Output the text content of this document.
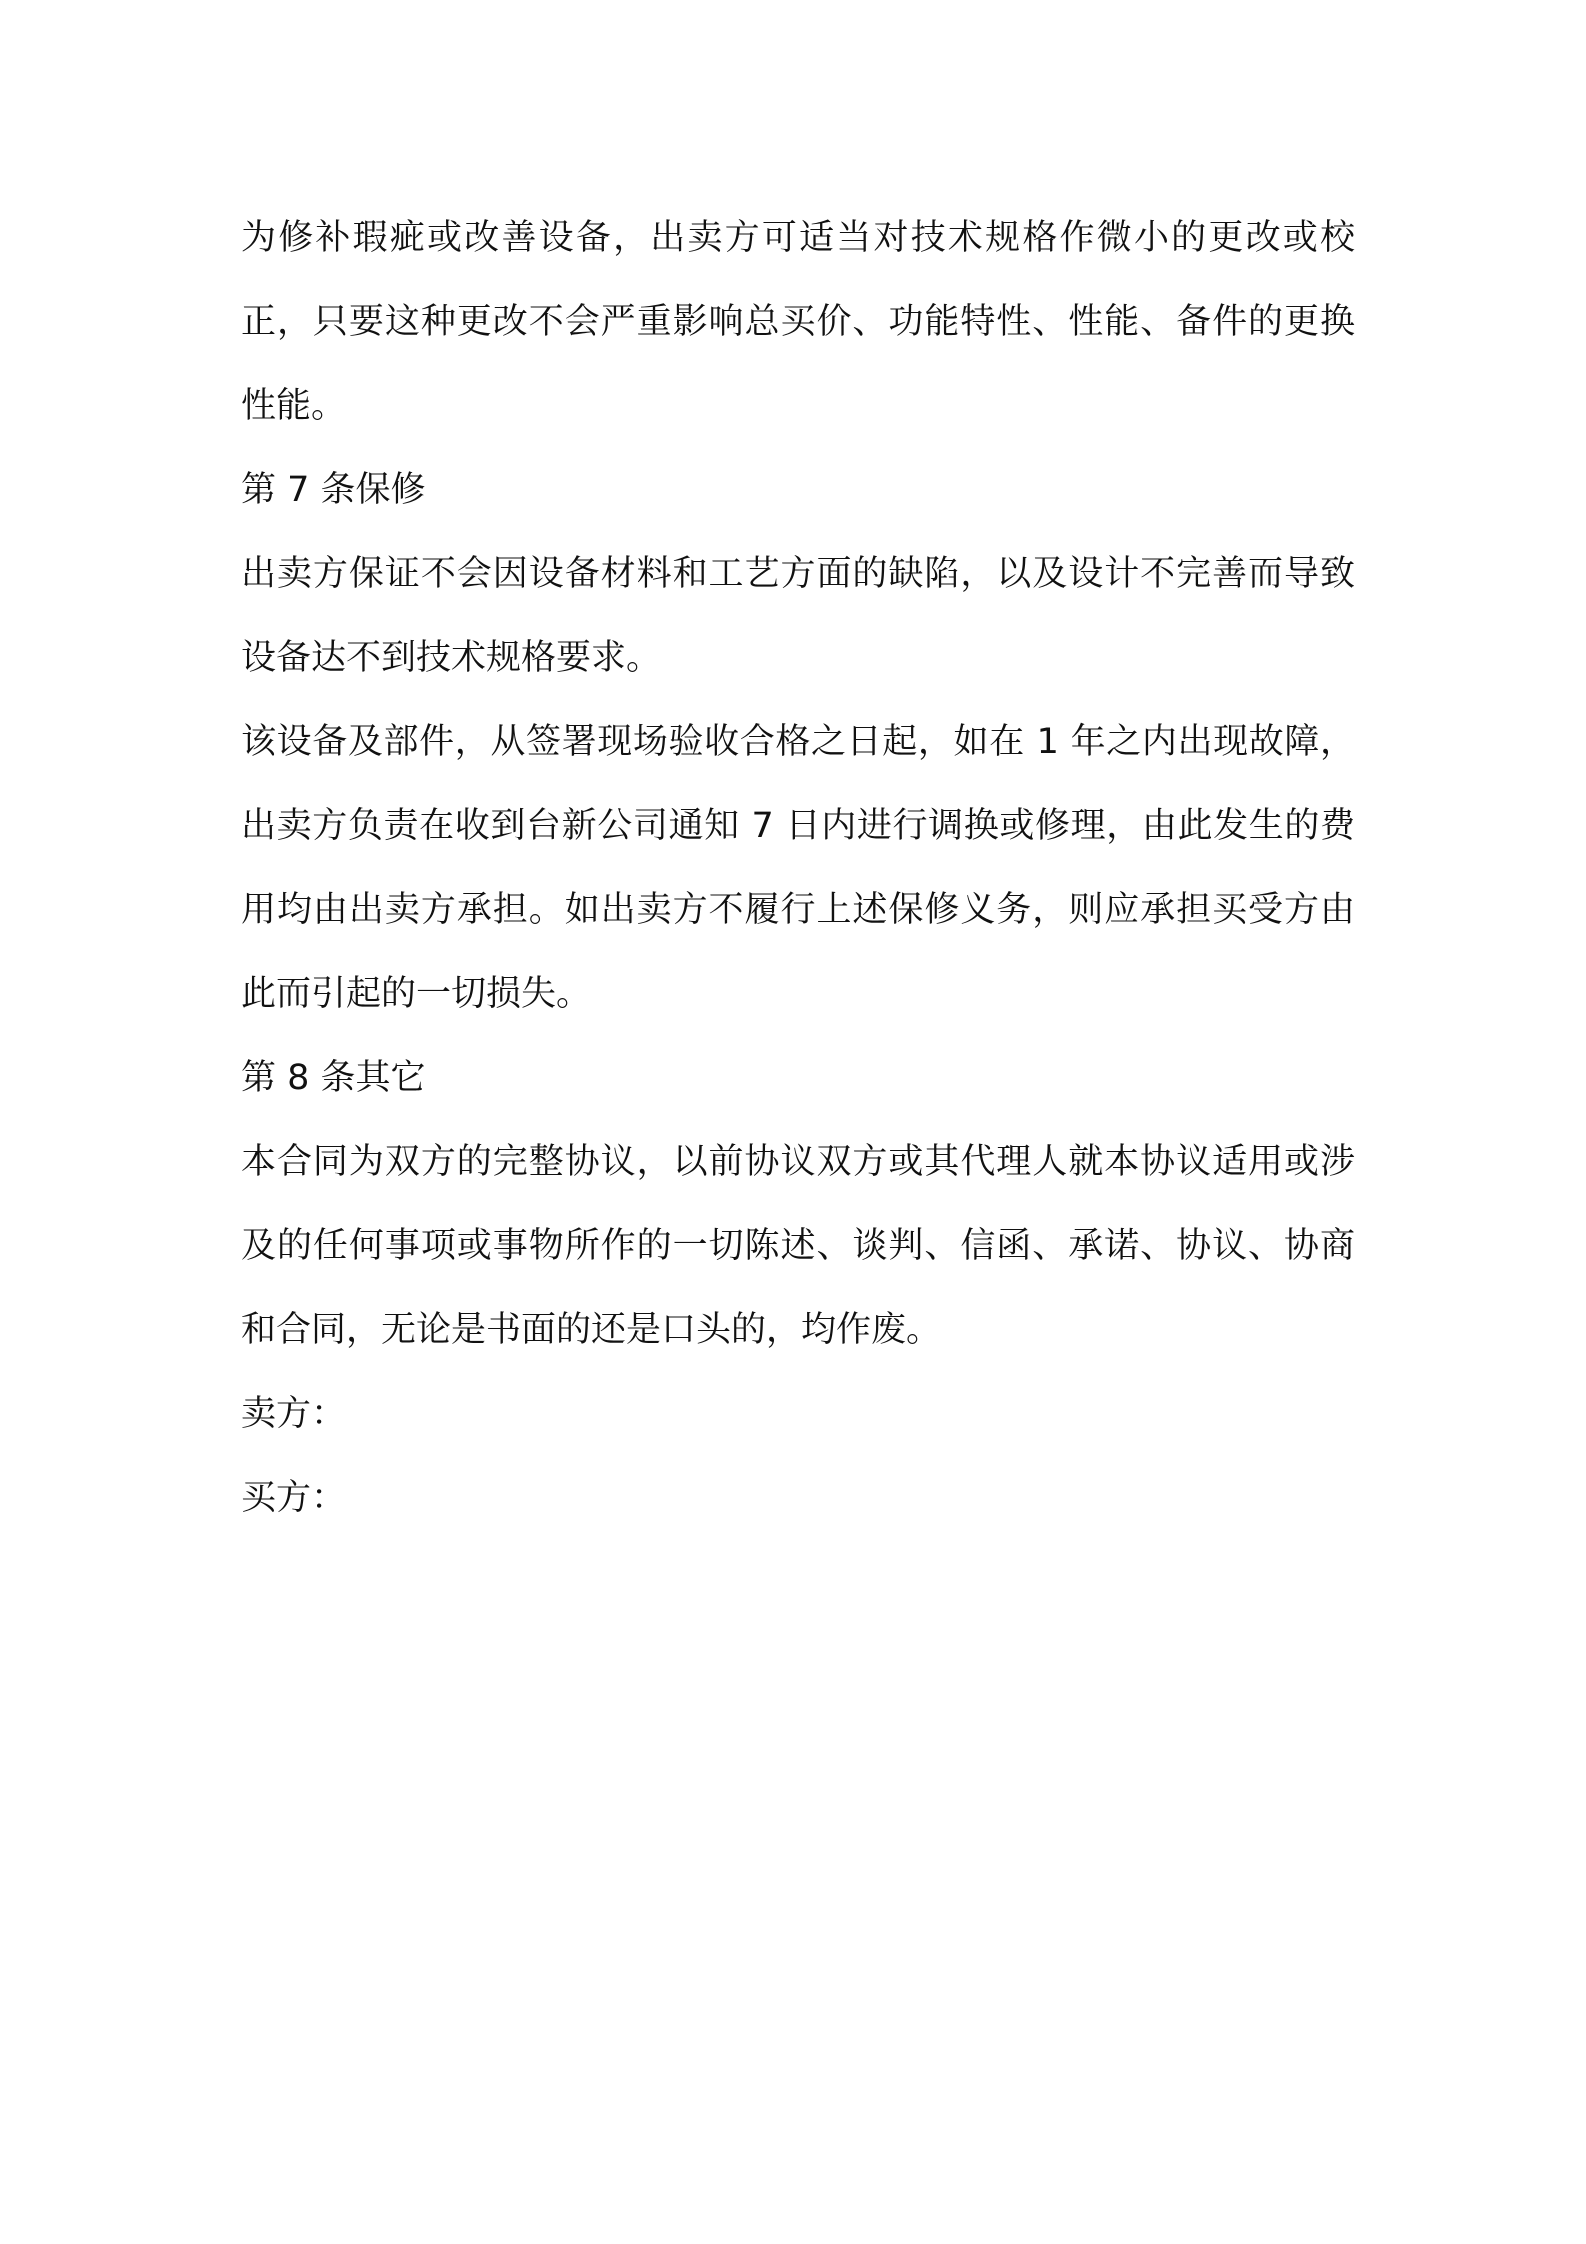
为修补瑕疵或改善设备，出卖方可适当对技术规格作微小的更改或校正，只要这种更改不会严重影响总买价、功能特性、性能、备件的更换性能。

第 7 条保修

出卖方保证不会因设备材料和工艺方面的缺陷，以及设计不完善而导致设备达不到技术规格要求。

该设备及部件，从签署现场验收合格之日起，如在 1 年之内出现故障，出卖方负责在收到台新公司通知 7 日内进行调换或修理，由此发生的费用均由出卖方承担。如出卖方不履行上述保修义务，则应承担买受方由此而引起的一切损失。

第 8 条其它

本合同为双方的完整协议，以前协议双方或其代理人就本协议适用或涉及的任何事项或事物所作的一切陈述、谈判、信函、承诺、协议、协商和合同，无论是书面的还是口头的，均作废。

卖方：

买方：
